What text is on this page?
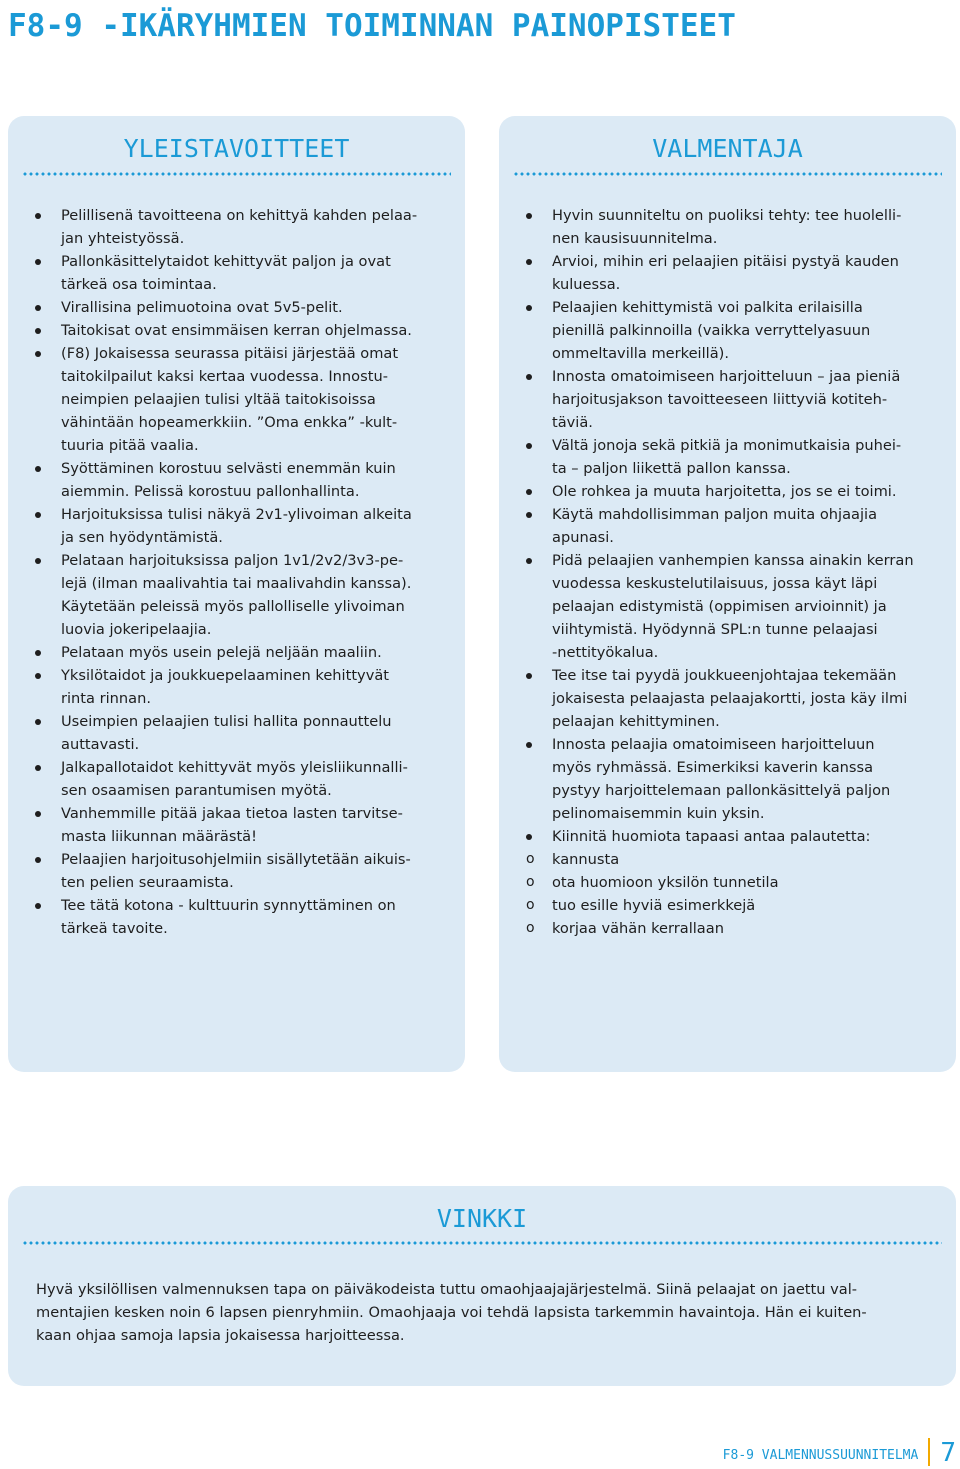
F8-9 -IKÄRYHMIEN TOIMINNAN PAINOPISTEET
YLEISTAVOITTEET
Pelillisenä tavoitteena on kehittyä kahden pelaa-
jan yhteistyössä.
Pallonkäsittelytaidot kehittyvät paljon ja ovat
tärkeä osa toimintaa.
Virallisina pelimuotoina ovat 5v5-pelit.
Taitokisat ovat ensimmäisen kerran ohjelmassa.
(F8) Jokaisessa seurassa pitäisi järjestää omat
taitokilpailut kaksi kertaa vuodessa. Innostu-
neimpien pelaajien tulisi yltää taitokisoissa
vähintään hopeamerkkiin. ”Oma enkka” -kult-
tuuria pitää vaalia.
Syöttäminen korostuu selvästi enemmän kuin
aiemmin. Pelissä korostuu pallonhallinta.
Harjoituksissa tulisi näkyä 2v1-ylivoiman alkeita
ja sen hyödyntämistä.
Pelataan harjoituksissa paljon 1v1/2v2/3v3-pe-
lejä (ilman maalivahtia tai maalivahdin kanssa).
Käytetään peleissä myös pallolliselle ylivoiman
luovia jokeripelaajia.
Pelataan myös usein pelejä neljään maaliin.
Yksilötaidot ja joukkuepelaaminen kehittyvät
rinta rinnan.
Useimpien pelaajien tulisi hallita ponnauttelu
auttavasti.
Jalkapallotaidot kehittyvät myös yleisliikunnalli-
sen osaamisen parantumisen myötä.
Vanhemmille pitää jakaa tietoa lasten tarvitse-
masta liikunnan määrästä!
Pelaajien harjoitusohjelmiin sisällytetään aikuis-
ten pelien seuraamista.
Tee tätä kotona - kulttuurin synnyttäminen on
tärkeä tavoite.
VALMENTAJA
Hyvin suunniteltu on puoliksi tehty: tee huolelli-
nen kausisuunnitelma.
Arvioi, mihin eri pelaajien pitäisi pystyä kauden
kuluessa.
Pelaajien kehittymistä voi palkita erilaisilla
pienillä palkinnoilla (vaikka verryttelyasuun
ommeltavilla merkeillä).
Innosta omatoimiseen harjoitteluun – jaa pieniä
harjoitusjakson tavoitteeseen liittyviä kotiteh-
täviä.
Vältä jonoja sekä pitkiä ja monimutkaisia puhei-
ta – paljon liikettä pallon kanssa.
Ole rohkea ja muuta harjoitetta, jos se ei toimi.
Käytä mahdollisimman paljon muita ohjaajia
apunasi.
Pidä pelaajien vanhempien kanssa ainakin kerran
vuodessa keskustelutilaisuus, jossa käyt läpi
pelaajan edistymistä (oppimisen arvioinnit) ja
viihtymistä. Hyödynnä SPL:n tunne pelaajasi
-nettityökalua.
Tee itse tai pyydä joukkueenjohtajaa tekemään
jokaisesta pelaajasta pelaajakortti, josta käy ilmi
pelaajan kehittyminen.
Innosta pelaajia omatoimiseen harjoitteluun
myös ryhmässä. Esimerkiksi kaverin kanssa
pystyy harjoittelemaan pallonkäsittelyä paljon
pelinomaisemmin kuin yksin.
Kiinnitä huomiota tapaasi antaa palautetta:
o kannusta
o ota huomioon yksilön tunnetila
o tuo esille hyviä esimerkkejä
o korjaa vähän kerrallaan
VINKKI

Hyvä yksilöllisen valmennuksen tapa on päiväkodeista tuttu omaohjaajajärjestelmä. Siinä pelaajat on jaettu val-
mentajien kesken noin 6 lapsen pienryhmiin. Omaohjaaja voi tehdä lapsista tarkemmin havaintoja. Hän ei kuiten-
kaan ohjaa samoja lapsia jokaisessa harjoitteessa.

F8-9 VALMENNUSSUUNNITELMA 7
